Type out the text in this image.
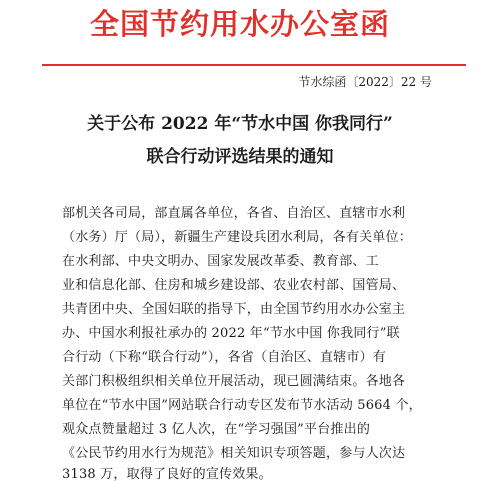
全国节约用水办公室函
节水综函〔2022〕22 号
关于公布 2022 年“节水中国 你我同行”
联合行动评选结果的通知
部机关各司局，部直属各单位，各省、自治区、直辖市水利
（水务）厅（局），新疆生产建设兵团水利局，各有关单位：
在水利部、中央文明办、国家发展改革委、教育部、工
业和信息化部、住房和城乡建设部、农业农村部、国管局、
共青团中央、全国妇联的指导下，由全国节约用水办公室主
办、中国水利报社承办的 2022 年“节水中国 你我同行”联
合行动（下称“联合行动”），各省（自治区、直辖市）有
关部门积极组织相关单位开展活动，现已圆满结束。各地各
单位在“节水中国”网站联合行动专区发布节水活动 5664 个，
观众点赞量超过 3 亿人次，在“学习强国”平台推出的
《公民节约用水行为规范》相关知识专项答题，参与人次达
3138 万，取得了良好的宣传效果。
